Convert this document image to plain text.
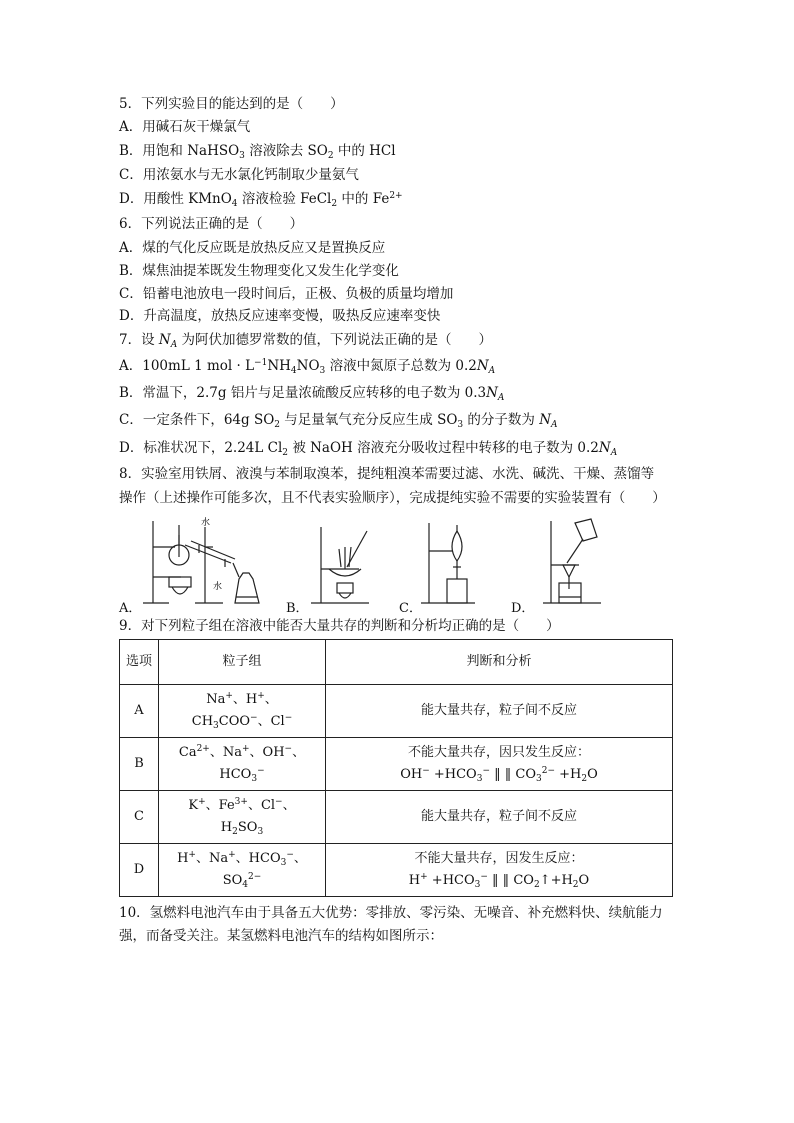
5．下列实验目的能达到的是（　　）
A．用碱石灰干燥氯气
B．用饱和 NaHSO$_3$ 溶液除去 $SO_2$ 中的 HCl
C．用浓氨水与无水氯化钙制取少量氨气
D．用酸性 KMnO$_4$ 溶液检验 FeCl$_2$ 中的 $Fe^{2+}$
6．下列说法正确的是（　　）
A．煤的气化反应既是放热反应又是置换反应
B．煤焦油提苯既发生物理变化又发生化学变化
C．铅蓄电池放电一段时间后，正极、负极的质量均增加
D．升高温度，放热反应速率变慢，吸热反应速率变快
7．设 $N_A$ 为阿伏加德罗常数的值，下列说法正确的是（　　）
A．100mL 1 mol · $L^{-1}NH_4NO_3$ 溶液中氮原子总数为 $0.2N_A$
B．常温下，2.7g 铝片与足量浓硫酸反应转移的电子数为 $0.3N_A$
C．一定条件下，64g $SO_2$ 与足量氧气充分反应生成 $SO_3$ 的分子数为 $N_A$
D．标准状况下，2.24L $Cl_2$ 被 NaOH 溶液充分吸收过程中转移的电子数为 $0.2N_A$
8．实验室用铁屑、液溴与苯制取溴苯，提纯粗溴苯需要过滤、水洗、碱洗、干燥、蒸馏等
操作（上述操作可能多次，且不代表实验顺序），完成提纯实验不需要的实验装置有（　　）
水
水
A．	B．	C．	D．
9．对下列粒子组在溶液中能否大量共存的判断和分析均正确的是（　　）
选项	粒子组	判断和分析
A	Na+、H+、
$CH_3COO^-$、Cl−	能大量共存，粒子间不反应
B	$Ca^{2+}$、Na+、OH−、
$HCO_3^-$	不能大量共存，因只发生反应：
$OH^- +HCO_3^-$ ‖ ‖ $CO_3^{2-} +H_2O$
C	K+、$Fe^{3+}$、Cl−、
$H_2SO_3$	能大量共存，粒子间不反应
D	H+、Na+、$HCO_3^-$、
$SO_4^{2-}$	不能大量共存，因发生反应：
$H^+ +HCO_3^-$ ‖ ‖ $CO_2↑+H_2O$
10．氢燃料电池汽车由于具备五大优势：零排放、零污染、无噪音、补充燃料快、续航能力
强，而备受关注。某氢燃料电池汽车的结构如图所示：
